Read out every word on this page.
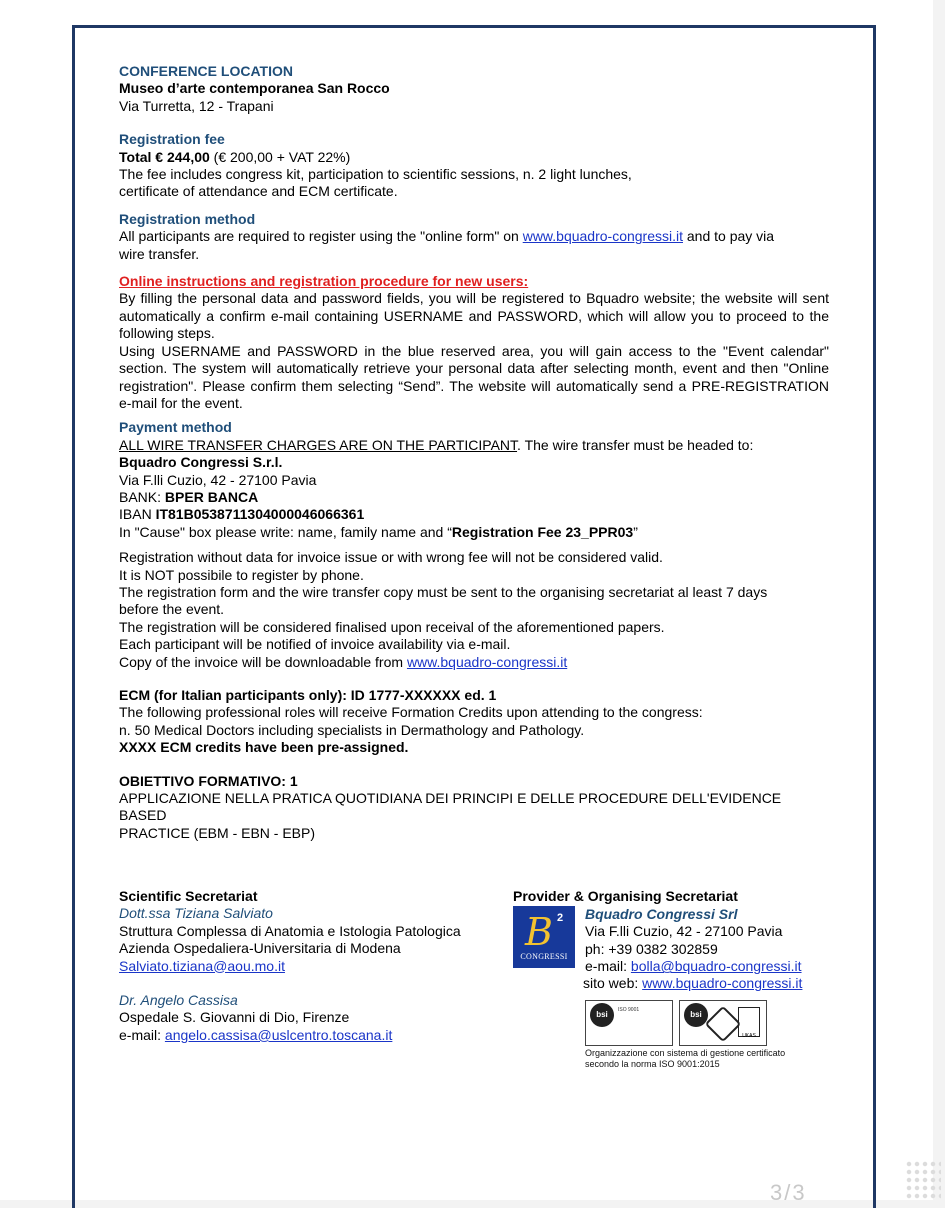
CONFERENCE LOCATION
Museo d’arte contemporanea San Rocco
Via Turretta, 12 - Trapani
Registration fee
Total € 244,00 (€ 200,00 + VAT 22%)
The fee includes congress kit, participation to scientific sessions, n. 2 light lunches,
certificate of attendance and ECM certificate.
Registration method
All participants are required to register using the "online form" on www.bquadro-congressi.it and to pay via
wire transfer.
Online instructions and registration procedure for new users:
By filling the personal data and password fields, you will be registered to Bquadro website; the website will sent automatically a confirm e-mail containing USERNAME and PASSWORD, which will allow you to proceed to the following steps.
Using USERNAME and PASSWORD in the blue reserved area, you will gain access to the "Event calendar" section. The system will automatically retrieve your personal data after selecting month, event and then "Online registration". Please confirm them selecting “Send”. The website will automatically send a PRE-REGISTRATION e-mail for the event.
Payment method
ALL WIRE TRANSFER CHARGES ARE ON THE PARTICIPANT. The wire transfer must be headed to:
Bquadro Congressi S.r.l.
Via F.lli Cuzio, 42 - 27100 Pavia
BANK: BPER BANCA
IBAN IT81B0538711304000046066361
In "Cause" box please write: name, family name and “Registration Fee 23_PPR03”
Registration without data for invoice issue or with wrong fee will not be considered valid.
It is NOT possibile to register by phone.
The registration form and the wire transfer copy must be sent to the organising secretariat al least 7 days
before the event.
The registration will be considered finalised upon receival of the aforementioned papers.
Each participant will be notified of invoice availability via e-mail.
Copy of the invoice will be downloadable from www.bquadro-congressi.it
ECM (for Italian participants only): ID 1777-XXXXXX ed. 1
The following professional roles will receive Formation Credits upon attending to the congress:
n. 50 Medical Doctors including specialists in Dermathology and Pathology.
XXXX ECM credits have been pre-assigned.
OBIETTIVO FORMATIVO: 1
APPLICAZIONE NELLA PRATICA QUOTIDIANA DEI PRINCIPI E DELLE PROCEDURE DELL'EVIDENCE BASED
PRACTICE (EBM - EBN - EBP)
Scientific Secretariat
Dott.ssa Tiziana Salviato
Struttura Complessa di Anatomia e Istologia Patologica
Azienda Ospedaliera-Universitaria di Modena
Salviato.tiziana@aou.mo.it
Dr. Angelo Cassisa
Ospedale S. Giovanni di Dio, Firenze
e-mail: angelo.cassisa@uslcentro.toscana.it
Provider & Organising Secretariat
B 2
CONGRESSI
Bquadro Congressi Srl
Via F.lli Cuzio, 42 - 27100 Pavia
ph: +39 0382 302859
e-mail: bolla@bquadro-congressi.it
sito web: www.bquadro-congressi.it
bsi	ISO 9001	bsi
UKAS
Organizzazione con sistema di gestione certificato
secondo la norma ISO 9001:2015
3/3
